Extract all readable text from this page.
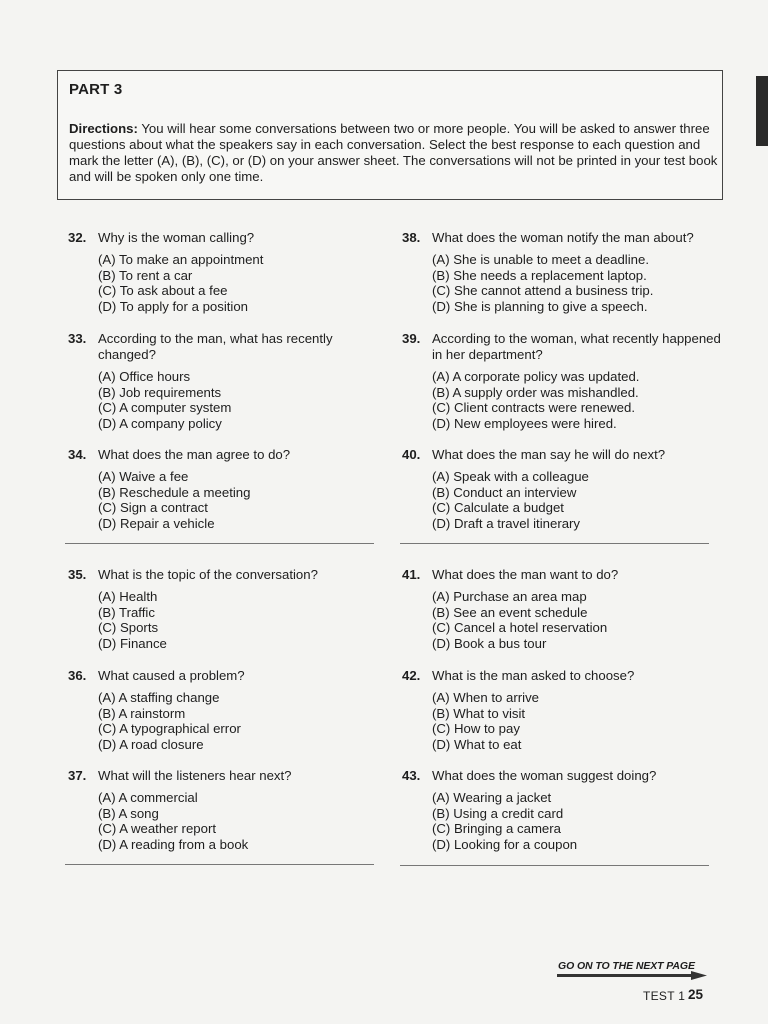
PART 3
Directions: You will hear some conversations between two or more people. You will be asked to answer three questions about what the speakers say in each conversation. Select the best response to each question and mark the letter (A), (B), (C), or (D) on your answer sheet. The conversations will not be printed in your test book and will be spoken only one time.
32. Why is the woman calling?
(A) To make an appointment
(B) To rent a car
(C) To ask about a fee
(D) To apply for a position
33. According to the man, what has recently changed?
(A) Office hours
(B) Job requirements
(C) A computer system
(D) A company policy
34. What does the man agree to do?
(A) Waive a fee
(B) Reschedule a meeting
(C) Sign a contract
(D) Repair a vehicle
35. What is the topic of the conversation?
(A) Health
(B) Traffic
(C) Sports
(D) Finance
36. What caused a problem?
(A) A staffing change
(B) A rainstorm
(C) A typographical error
(D) A road closure
37. What will the listeners hear next?
(A) A commercial
(B) A song
(C) A weather report
(D) A reading from a book
38. What does the woman notify the man about?
(A) She is unable to meet a deadline.
(B) She needs a replacement laptop.
(C) She cannot attend a business trip.
(D) She is planning to give a speech.
39. According to the woman, what recently happened in her department?
(A) A corporate policy was updated.
(B) A supply order was mishandled.
(C) Client contracts were renewed.
(D) New employees were hired.
40. What does the man say he will do next?
(A) Speak with a colleague
(B) Conduct an interview
(C) Calculate a budget
(D) Draft a travel itinerary
41. What does the man want to do?
(A) Purchase an area map
(B) See an event schedule
(C) Cancel a hotel reservation
(D) Book a bus tour
42. What is the man asked to choose?
(A) When to arrive
(B) What to visit
(C) How to pay
(D) What to eat
43. What does the woman suggest doing?
(A) Wearing a jacket
(B) Using a credit card
(C) Bringing a camera
(D) Looking for a coupon
GO ON TO THE NEXT PAGE
TEST 1 25
